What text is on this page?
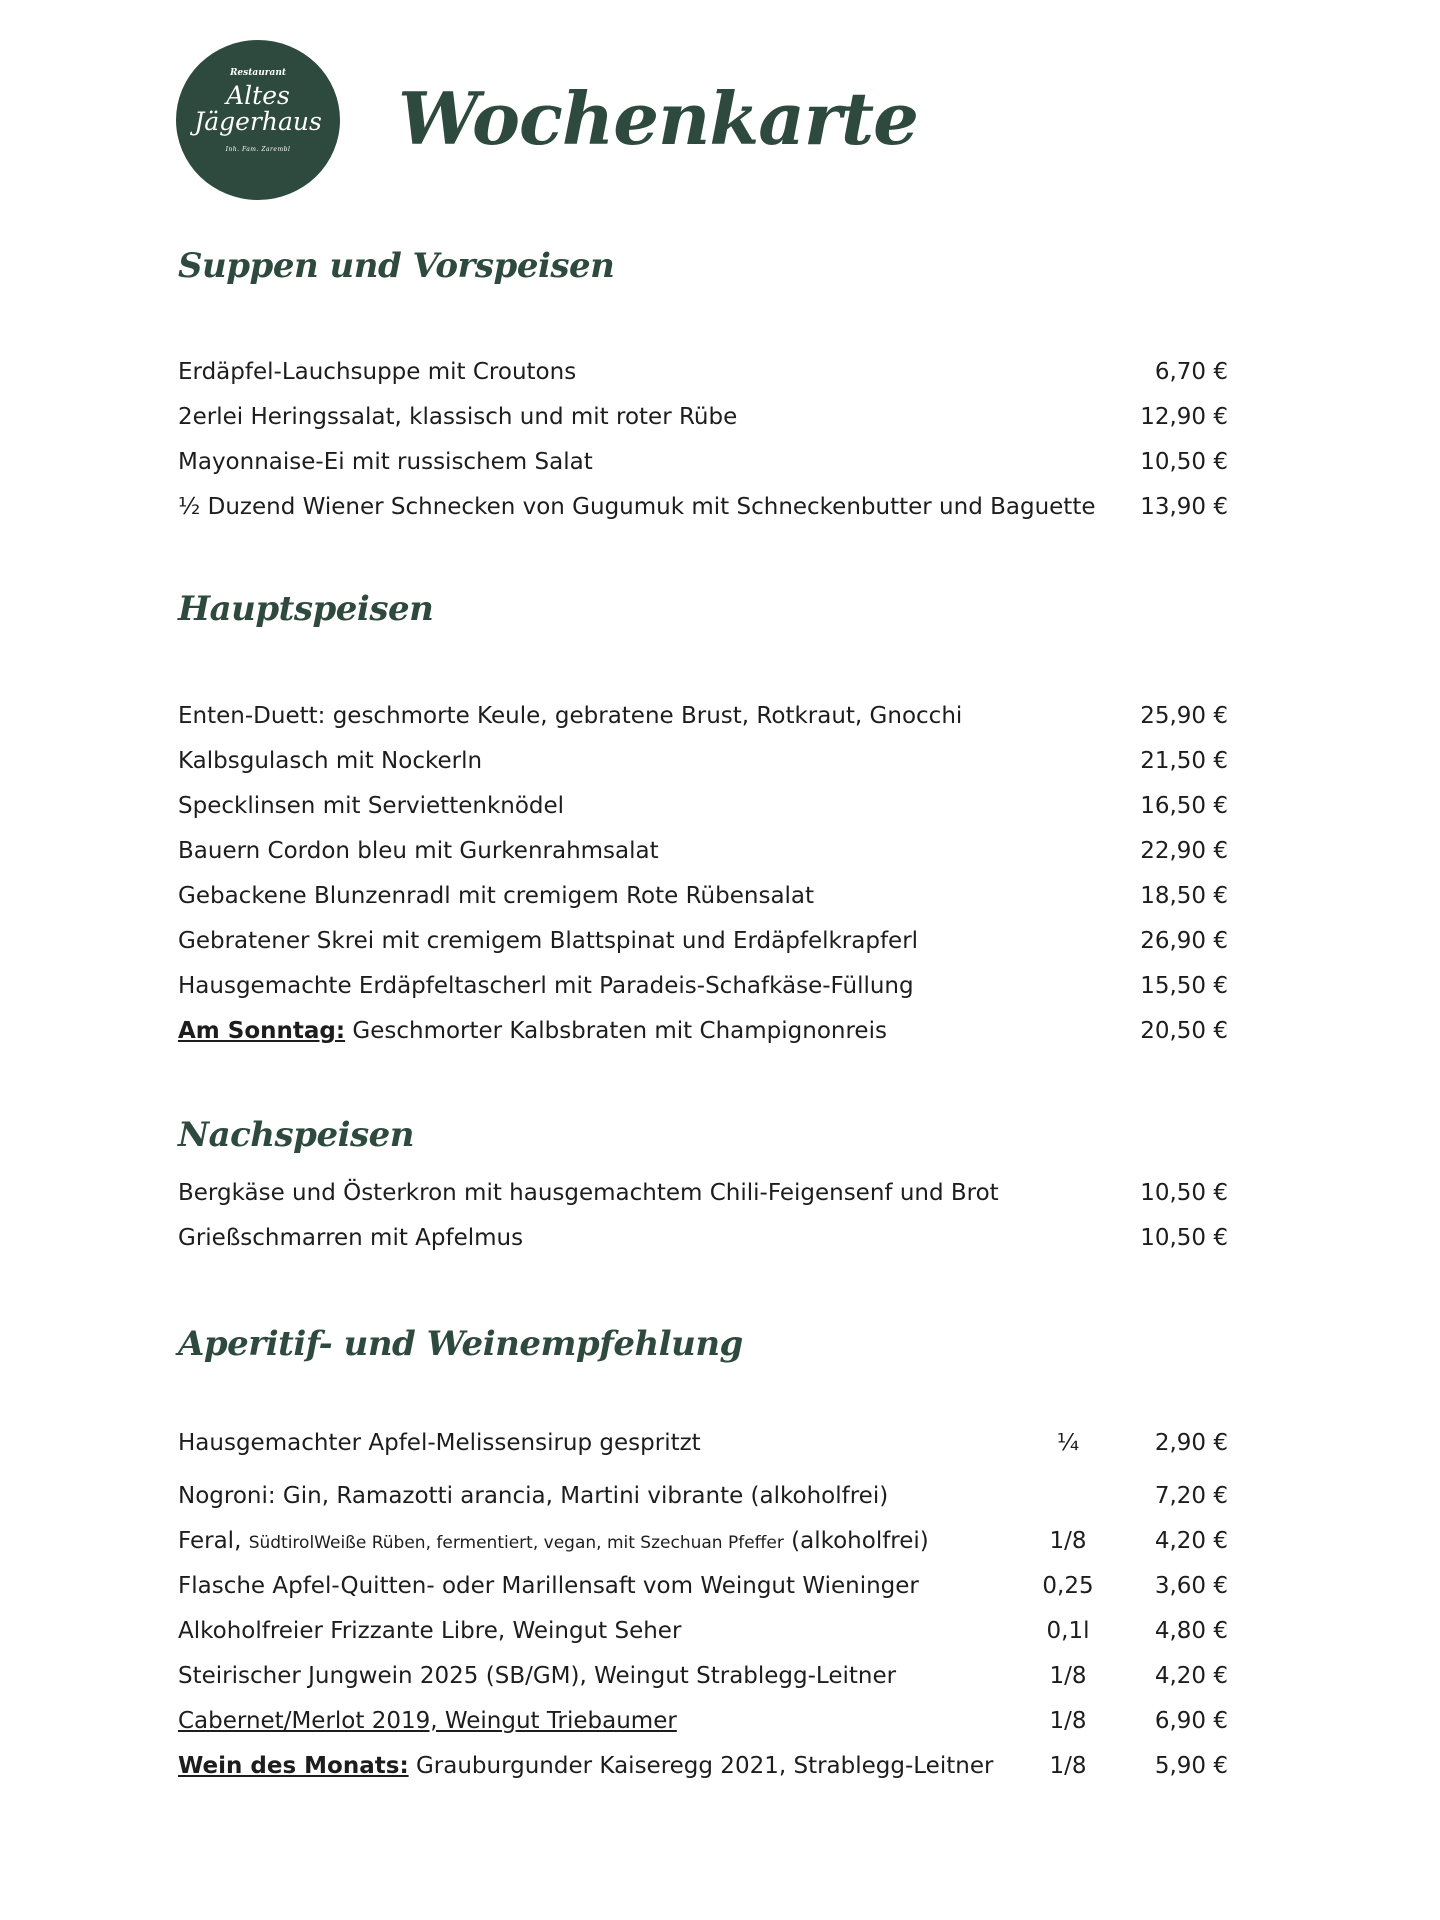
Restaurant
Altes
Jägerhaus
Inh. Fam. Zarembl	Wochenkarte
Suppen und Vorspeisen
Erdäpfel-Lauchsuppe mit Croutons	6,70 €
2erlei Heringssalat, klassisch und mit roter Rübe	12,90 €
Mayonnaise-Ei mit russischem Salat	10,50 €
½ Duzend Wiener Schnecken von Gugumuk mit Schneckenbutter und Baguette 13,90 €
Hauptspeisen
Enten-Duett: geschmorte Keule, gebratene Brust, Rotkraut, Gnocchi	25,90 €
Kalbsgulasch mit Nockerln	21,50 €
Specklinsen mit Serviettenknödel	16,50 €
Bauern Cordon bleu mit Gurkenrahmsalat	22,90 €
Gebackene Blunzenradl mit cremigem Rote Rübensalat	18,50 €
Gebratener Skrei mit cremigem Blattspinat und Erdäpfelkrapferl	26,90 €
Hausgemachte Erdäpfeltascherl mit Paradeis-Schafkäse-Füllung	15,50 €
Am Sonntag: Geschmorter Kalbsbraten mit Champignonreis	20,50 €
Nachspeisen
Bergkäse und Österkron mit hausgemachtem Chili-Feigensenf und Brot	10,50 €
Grießschmarren mit Apfelmus	10,50 €
Aperitif- und Weinempfehlung
Hausgemachter Apfel-Melissensirup gespritzt	¼	2,90 €
Nogroni: Gin, Ramazotti arancia, Martini vibrante (alkoholfrei)	7,20 €
Feral, SüdtirolWeiße Rüben, fermentiert, vegan, mit Szechuan Pfeffer (alkoholfrei)	1/8	4,20 €
Flasche Apfel-Quitten- oder Marillensaft vom Weingut Wieninger	0,25	3,60 €
Alkoholfreier Frizzante Libre, Weingut Seher	0,1l	4,80 €
Steirischer Jungwein 2025 (SB/GM), Weingut Strablegg-Leitner	1/8	4,20 €
Cabernet/Merlot 2019, Weingut Triebaumer	1/8	6,90 €
Wein des Monats: Grauburgunder Kaiseregg 2021, Strablegg-Leitner	1/8	5,90 €
